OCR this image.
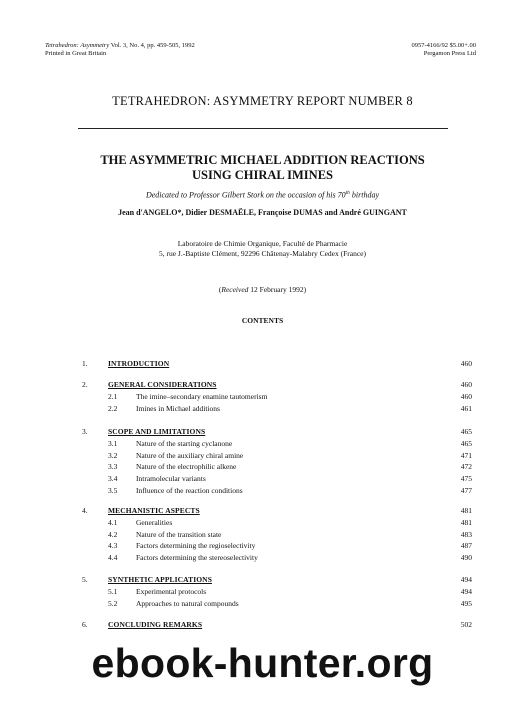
Tetrahedron: Asymmetry Vol. 3, No. 4, pp. 459-505, 1992
Printed in Great Britain
0957-4166/92 $5.00+.00
Pergamon Press Ltd
TETRAHEDRON: ASYMMETRY REPORT NUMBER 8
THE ASYMMETRIC MICHAEL ADDITION REACTIONS
USING CHIRAL IMINES
Dedicated to Professor Gilbert Stork on the occasion of his 70th birthday
Jean d'ANGELO*, Didier DESMAËLE, Françoise DUMAS and André GUINGANT
Laboratoire de Chimie Organique, Faculté de Pharmacie
5, rue J.-Baptiste Clément, 92296 Châtenay-Malabry Cedex (France)
(Received 12 February 1992)
CONTENTS
1.	INTRODUCTION	460
2.	GENERAL CONSIDERATIONS	460
2.1 The imine–secondary enamine tautomerism	460
2.2 Imines in Michael additions	461
3.	SCOPE AND LIMITATIONS	465
3.1 Nature of the starting cyclanone	465
3.2 Nature of the auxiliary chiral amine	471
3.3 Nature of the electrophilic alkene	472
3.4 Intramolecular variants	475
3.5 Influence of the reaction conditions	477
4.	MECHANISTIC ASPECTS	481
4.1 Generalities	481
4.2 Nature of the transition state	483
4.3 Factors determining the regioselectivity	487
4.4 Factors determining the stereoselectivity	490
5.	SYNTHETIC APPLICATIONS	494
5.1 Experimental protocols	494
5.2 Approaches to natural compounds	495
6.	CONCLUDING REMARKS	502
ebook-hunter.org
